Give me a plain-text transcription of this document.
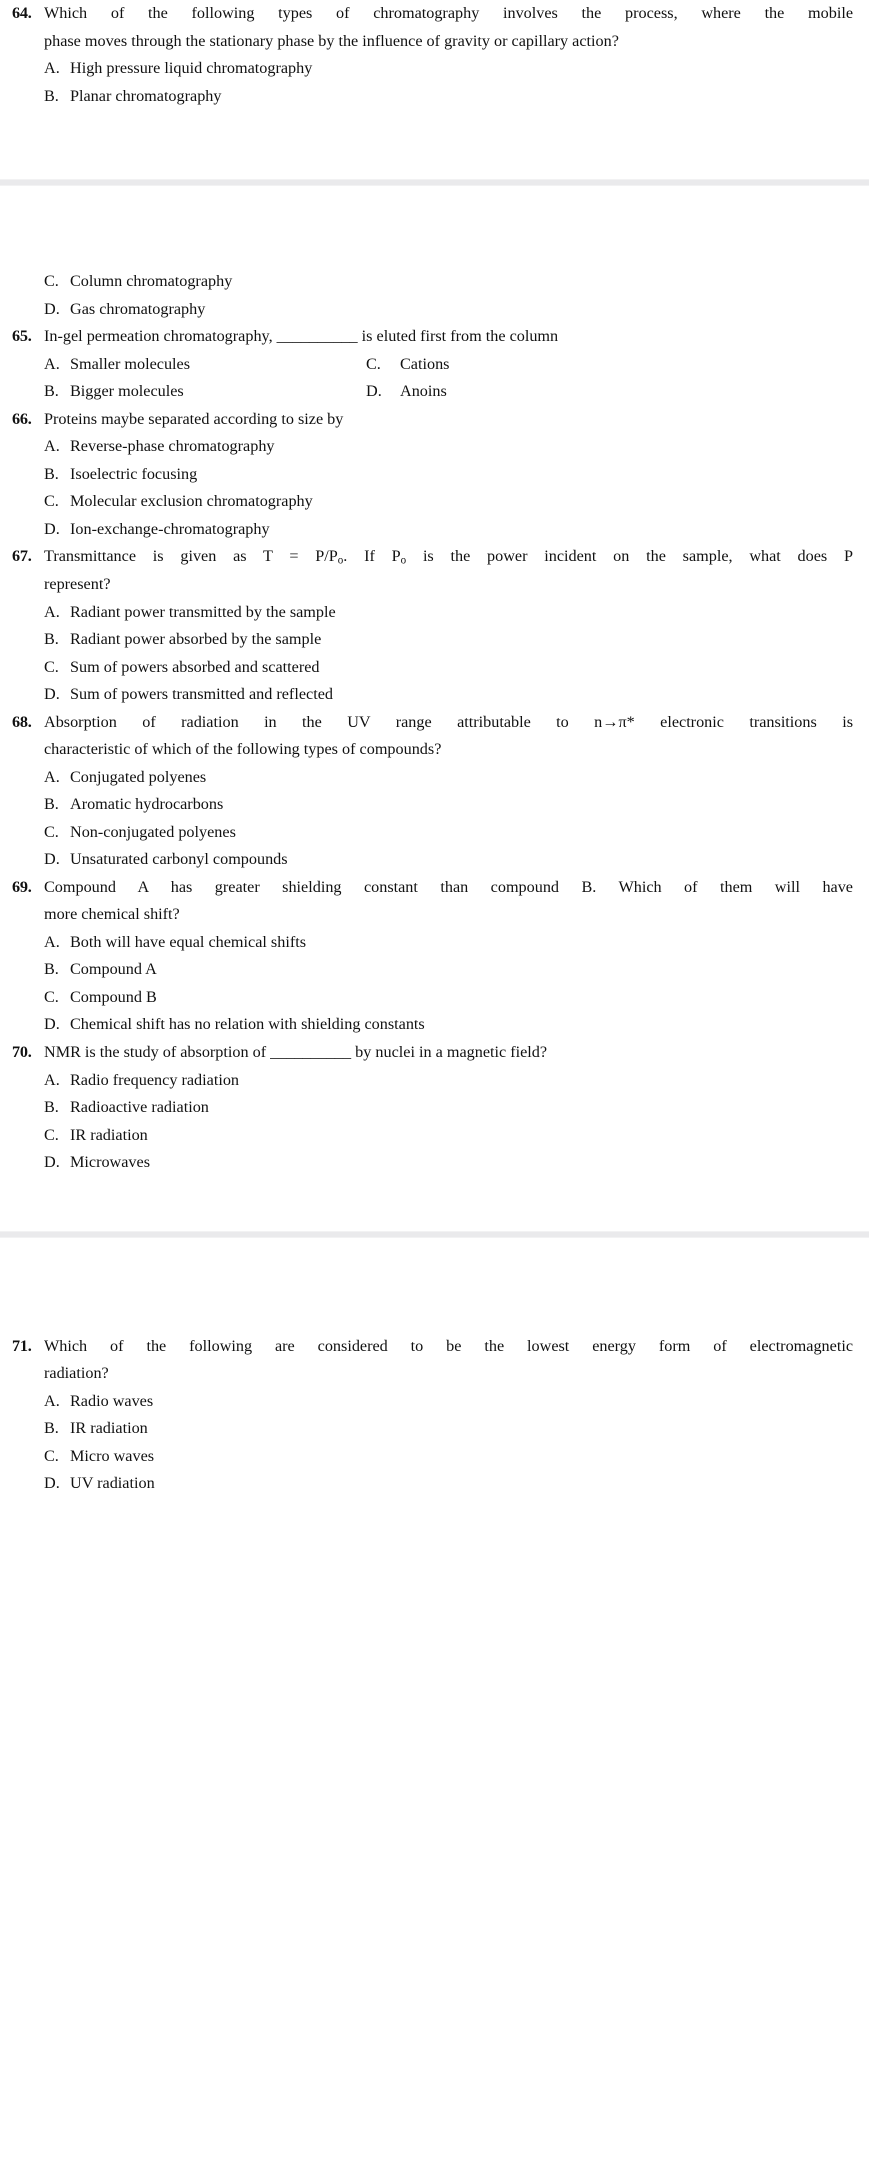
64. Which of the following types of chromatography involves the process, where the mobile
phase moves through the stationary phase by the influence of gravity or capillary action?
A. High pressure liquid chromatography
B. Planar chromatography
C. Column chromatography
D. Gas chromatography
65. In-gel permeation chromatography, __________ is eluted first from the column
A. Smaller molecules	C. Cations
B. Bigger molecules	D. Anoins
66. Proteins maybe separated according to size by
A. Reverse-phase chromatography
B. Isoelectric focusing
C. Molecular exclusion chromatography
D. Ion-exchange-chromatography
67. Transmittance is given as $T = P/P_o$. If $P_o$ is the power incident on the sample, what does P
represent?
A. Radiant power transmitted by the sample
B. Radiant power absorbed by the sample
C. Sum of powers absorbed and scattered
D. Sum of powers transmitted and reflected
68. Absorption of radiation in the UV range attributable to n→π* electronic transitions is
characteristic of which of the following types of compounds?
A. Conjugated polyenes
B. Aromatic hydrocarbons
C. Non-conjugated polyenes
D. Unsaturated carbonyl compounds
69. Compound A has greater shielding constant than compound B. Which of them will have
more chemical shift?
A. Both will have equal chemical shifts
B. Compound A
C. Compound B
D. Chemical shift has no relation with shielding constants
70. NMR is the study of absorption of __________ by nuclei in a magnetic field?
A. Radio frequency radiation
B. Radioactive radiation
C. IR radiation
D. Microwaves
71. Which of the following are considered to be the lowest energy form of electromagnetic
radiation?
A. Radio waves
B. IR radiation
C. Micro waves
D. UV radiation
